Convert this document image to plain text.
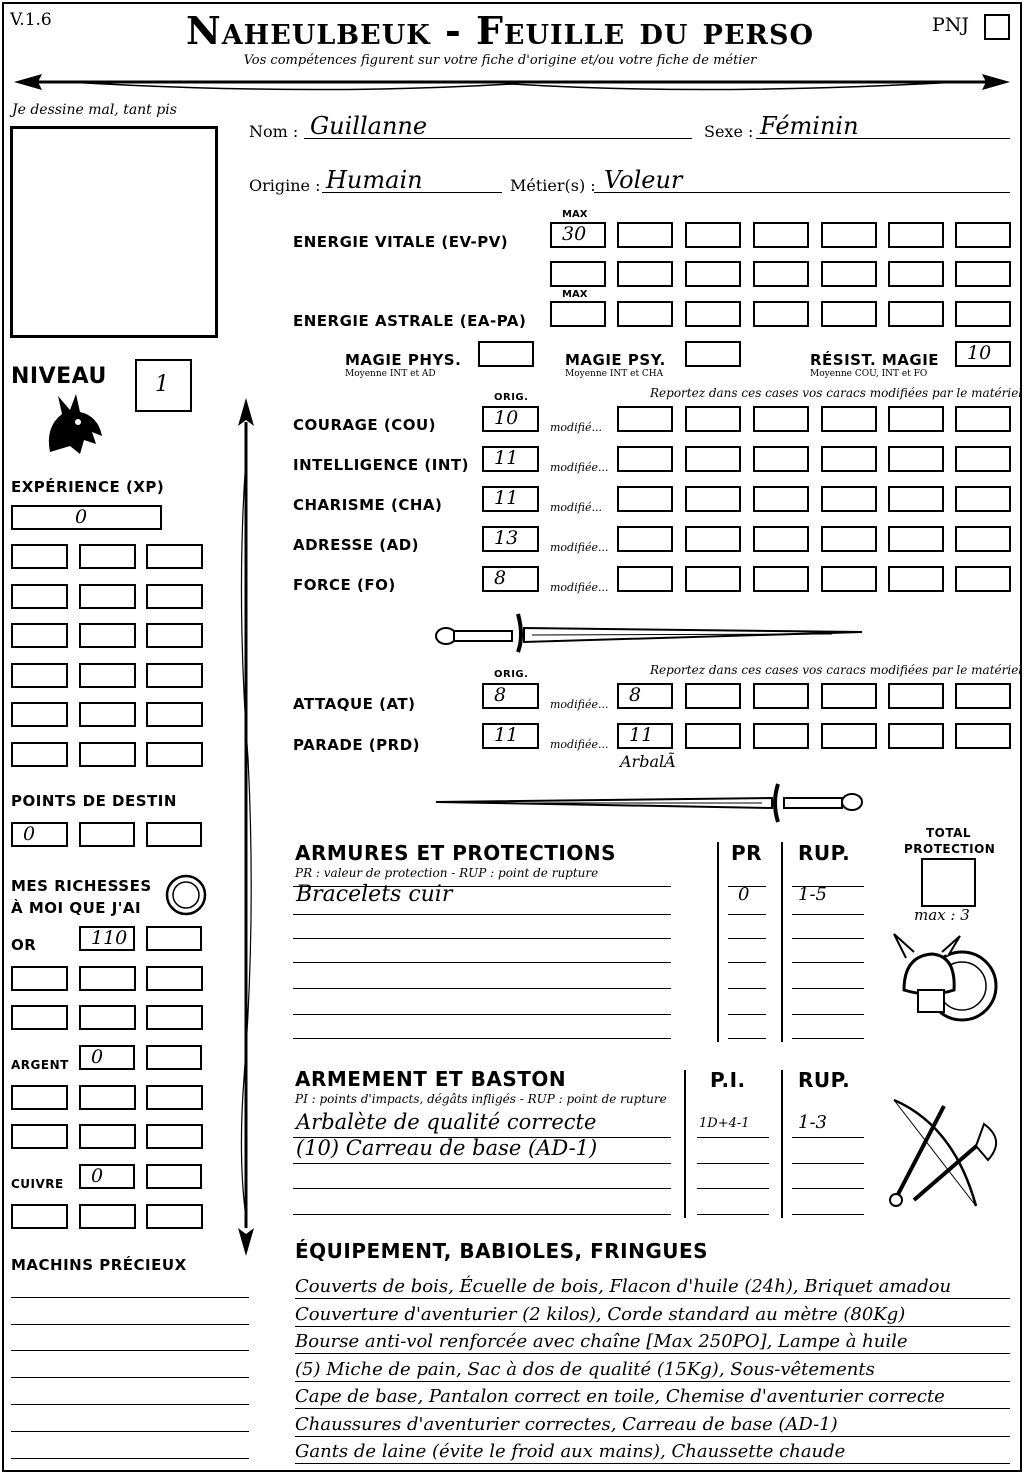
V.1.6	Naheulbeuk - Feuille du perso
Vos compétences figurent sur votre fiche d'origine et/ou votre fiche de métier
PNJ
Je dessine mal, tant pis
Nom : Guillanne	Sexe : Féminin
Origine : Humain	Métier(s) : Voleur
MAX
ENERGIE VITALE (EV-PV)	30
MAX
ENERGIE ASTRALE (EA-PA)
MAGIE PHYS.
Moyenne INT et AD
MAGIE PSY.
Moyenne INT et CHA
RÉSIST. MAGIE
Moyenne COU, INT et FO
10
NIVEAU	1
EXPÉRIENCE (XP)
0
POINTS DE DESTIN
0
MES RICHESSES
À MOI QUE J'AI
OR	110
ARGENT	0
CUIVRE	0
MACHINS PRÉCIEUX
ORIG.	Reportez dans ces cases vos caracs modifiées par le matériel
ORIG.	Reportez dans ces cases vos caracs modifiées par le matériel
ATTAQUE (AT)	8	modifiée...	8
PARADE (PRD)	11	modifiée...	11
ArbalÃ
ARMURES ET PROTECTIONS
PR : valeur de protection - RUP : point de rupture
PR RUP.
TOTAL
PROTECTION
max : 3
ARMEMENT ET BASTON
PI : points d'impacts, dégâts infligés - RUP : point de rupture
P.I.	RUP.
ÉQUIPEMENT, BABIOLES, FRINGUES
COURAGE (COU)	10	modifié...
INTELLIGENCE (INT)	11	modifiée...
CHARISME (CHA)	11	modifié...
ADRESSE (AD)	13	modifiée...
FORCE (FO)	8	modifiée...
Bracelets cuir	0	1-5
Arbalète de qualité correcte	1D+4-1	1-3
(10) Carreau de base (AD-1)
Couverts de bois, Écuelle de bois, Flacon d'huile (24h), Briquet amadou
Couverture d'aventurier (2 kilos), Corde standard au mètre (80Kg)
Bourse anti-vol renforcée avec chaîne [Max 250PO], Lampe à huile
(5) Miche de pain, Sac à dos de qualité (15Kg), Sous-vêtements
Cape de base, Pantalon correct en toile, Chemise d'aventurier correcte
Chaussures d'aventurier correctes, Carreau de base (AD-1)
Gants de laine (évite le froid aux mains), Chaussette chaude
